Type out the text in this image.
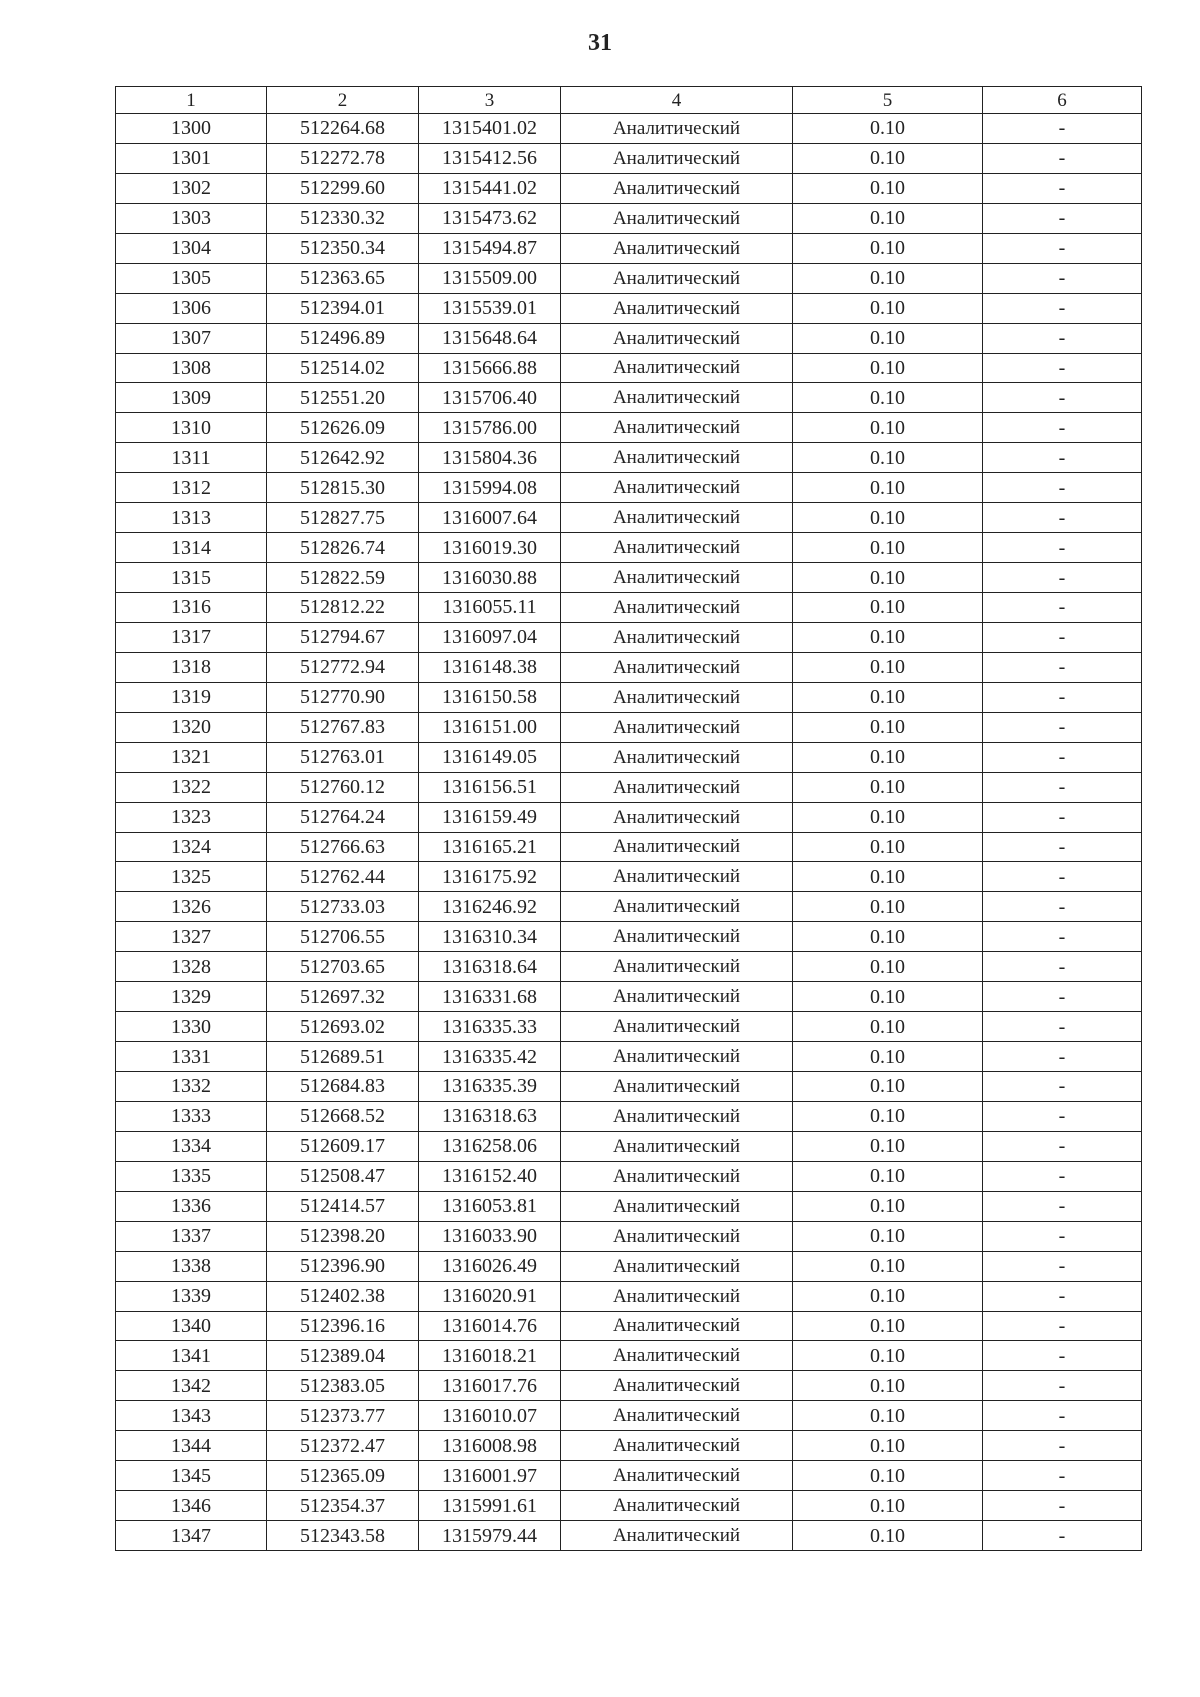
31
1	2	3	4	5	6
1300	512264.68	1315401.02	Аналитический	0.10	-
1301	512272.78	1315412.56	Аналитический	0.10	-
1302	512299.60	1315441.02	Аналитический	0.10	-
1303	512330.32	1315473.62	Аналитический	0.10	-
1304	512350.34	1315494.87	Аналитический	0.10	-
1305	512363.65	1315509.00	Аналитический	0.10	-
1306	512394.01	1315539.01	Аналитический	0.10	-
1307	512496.89	1315648.64	Аналитический	0.10	-
1308	512514.02	1315666.88	Аналитический	0.10	-
1309	512551.20	1315706.40	Аналитический	0.10	-
1310	512626.09	1315786.00	Аналитический	0.10	-
1311	512642.92	1315804.36	Аналитический	0.10	-
1312	512815.30	1315994.08	Аналитический	0.10	-
1313	512827.75	1316007.64	Аналитический	0.10	-
1314	512826.74	1316019.30	Аналитический	0.10	-
1315	512822.59	1316030.88	Аналитический	0.10	-
1316	512812.22	1316055.11	Аналитический	0.10	-
1317	512794.67	1316097.04	Аналитический	0.10	-
1318	512772.94	1316148.38	Аналитический	0.10	-
1319	512770.90	1316150.58	Аналитический	0.10	-
1320	512767.83	1316151.00	Аналитический	0.10	-
1321	512763.01	1316149.05	Аналитический	0.10	-
1322	512760.12	1316156.51	Аналитический	0.10	-
1323	512764.24	1316159.49	Аналитический	0.10	-
1324	512766.63	1316165.21	Аналитический	0.10	-
1325	512762.44	1316175.92	Аналитический	0.10	-
1326	512733.03	1316246.92	Аналитический	0.10	-
1327	512706.55	1316310.34	Аналитический	0.10	-
1328	512703.65	1316318.64	Аналитический	0.10	-
1329	512697.32	1316331.68	Аналитический	0.10	-
1330	512693.02	1316335.33	Аналитический	0.10	-
1331	512689.51	1316335.42	Аналитический	0.10	-
1332	512684.83	1316335.39	Аналитический	0.10	-
1333	512668.52	1316318.63	Аналитический	0.10	-
1334	512609.17	1316258.06	Аналитический	0.10	-
1335	512508.47	1316152.40	Аналитический	0.10	-
1336	512414.57	1316053.81	Аналитический	0.10	-
1337	512398.20	1316033.90	Аналитический	0.10	-
1338	512396.90	1316026.49	Аналитический	0.10	-
1339	512402.38	1316020.91	Аналитический	0.10	-
1340	512396.16	1316014.76	Аналитический	0.10	-
1341	512389.04	1316018.21	Аналитический	0.10	-
1342	512383.05	1316017.76	Аналитический	0.10	-
1343	512373.77	1316010.07	Аналитический	0.10	-
1344	512372.47	1316008.98	Аналитический	0.10	-
1345	512365.09	1316001.97	Аналитический	0.10	-
1346	512354.37	1315991.61	Аналитический	0.10	-
1347	512343.58	1315979.44	Аналитический	0.10	-
